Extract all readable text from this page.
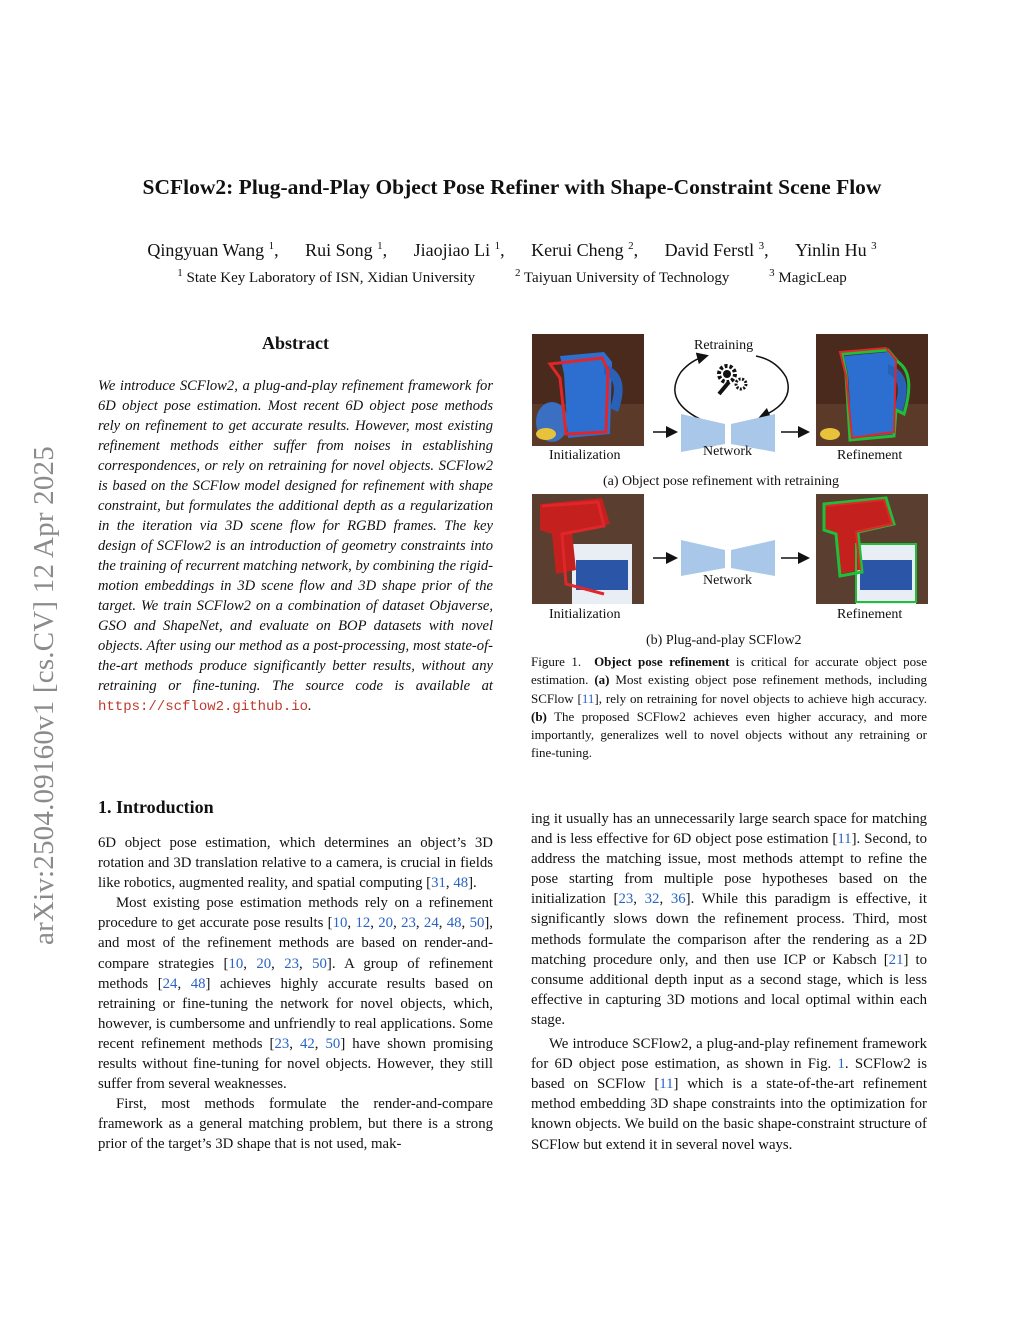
arXiv:2504.09160v1 [cs.CV] 12 Apr 2025
SCFlow2: Plug-and-Play Object Pose Refiner with Shape-Constraint Scene Flow
Qingyuan Wang $^1$, Rui Song $^1$, Jiaojiao Li $^1$, Kerui Cheng $^2$, David Ferstl $^3$, Yinlin Hu $^3$
$^1$ State Key Laboratory of ISN, Xidian University	$^2$ Taiyuan University of Technology	$^3$ MagicLeap
Abstract
We introduce SCFlow2, a plug-and-play refinement framework for 6D object pose estimation. Most recent 6D object pose methods rely on refinement to get accurate results. However, most existing refinement methods either suffer from noises in establishing correspondences, or rely on retraining for novel objects. SCFlow2 is based on the SCFlow model designed for refinement with shape constraint, but formulates the additional depth as a regularization in the iteration via 3D scene flow for RGBD frames. The key design of SCFlow2 is an introduction of geometry constraints into the training of recurrent matching network, by combining the rigid-motion embeddings in 3D scene flow and 3D shape prior of the target. We train SCFlow2 on a combination of dataset Objaverse, GSO and ShapeNet, and evaluate on BOP datasets with novel objects. After using our method as a post-processing, most state-of-the-art methods produce significantly better results, without any retraining or fine-tuning. The source code is available at https://scflow2.github.io.
Retraining
Network
Initialization	Refinement
(a) Object pose refinement with retraining
Network
Initialization	Refinement
(b) Plug-and-play SCFlow2
Figure 1. Object pose refinement is critical for accurate object pose estimation. (a) Most existing object pose refinement methods, including SCFlow [11], rely on retraining for novel objects to achieve high accuracy. (b) The proposed SCFlow2 achieves even higher accuracy, and more importantly, generalizes well to novel objects without any retraining or fine-tuning.
1. Introduction

6D object pose estimation, which determines an object’s 3D rotation and 3D translation relative to a camera, is crucial in fields like robotics, augmented reality, and spatial computing [31, 48].

Most existing pose estimation methods rely on a refinement procedure to get accurate pose results [10, 12, 20, 23, 24, 48, 50], and most of the refinement methods are based on render-and-compare strategies [10, 20, 23, 50]. A group of refinement methods [24, 48] achieves highly accurate results based on retraining or fine-tuning the network for novel objects, which, however, is cumbersome and unfriendly to real applications. Some recent refinement methods [23, 42, 50] have shown promising results without fine-tuning for novel objects. However, they still suffer from several weaknesses.

First, most methods formulate the render-and-compare framework as a general matching problem, but there is a strong prior of the target’s 3D shape that is not used, mak-

ing it usually has an unnecessarily large search space for matching and is less effective for 6D object pose estimation [11]. Second, to address the matching issue, most methods attempt to refine the pose starting from multiple pose hypotheses based on the initialization [23, 32, 36]. While this paradigm is effective, it significantly slows down the refinement process. Third, most methods formulate the comparison after the rendering as a 2D matching procedure only, and then use ICP or Kabsch [21] to consume additional depth input as a second stage, which is less effective in capturing 3D motions and local optimal within each stage.

We introduce SCFlow2, a plug-and-play refinement framework for 6D object pose estimation, as shown in Fig. 1. SCFlow2 is based on SCFlow [11] which is a state-of-the-art refinement method embedding 3D shape constraints into the optimization for known objects. We build on the basic shape-constraint structure of SCFlow but extend it in several novel ways.
